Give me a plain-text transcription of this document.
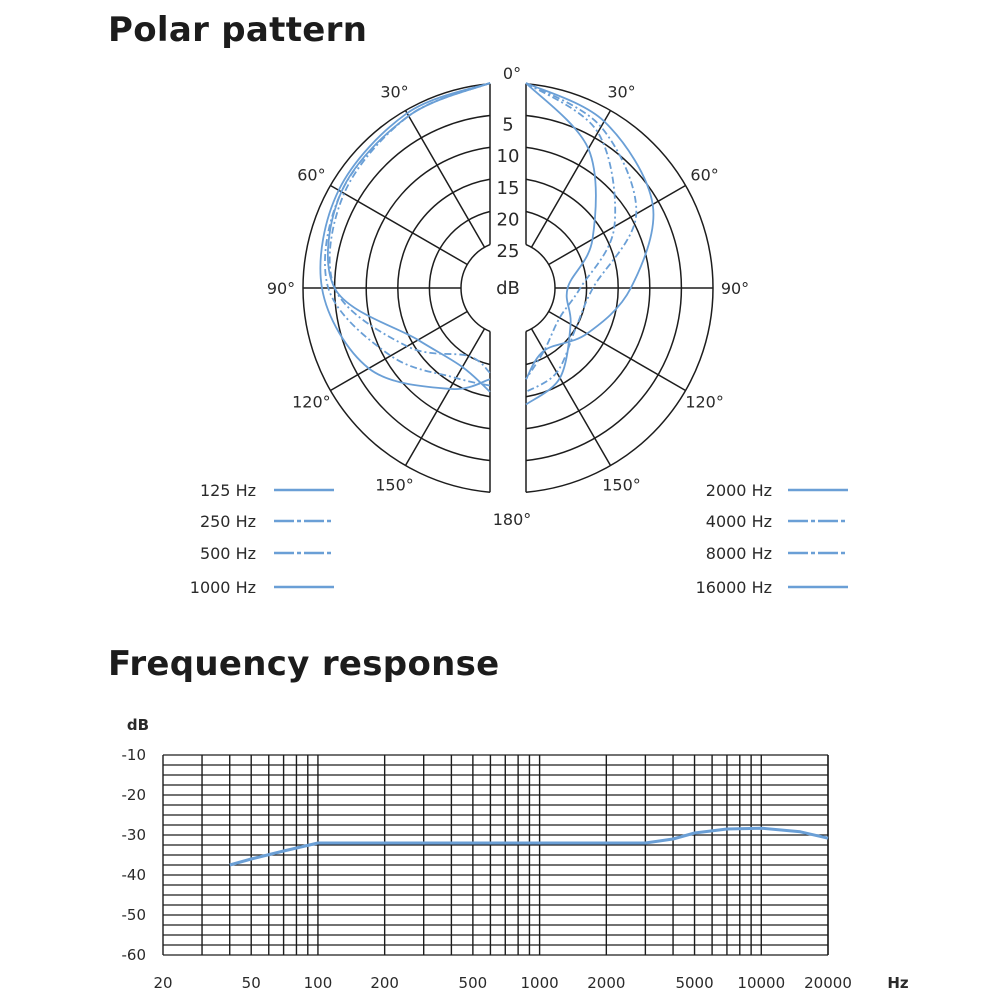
Polar pattern
Frequency response
0°
30°
60°
90°
120°
150°
180°
30°
60°
90°
120°
150°
5
10
15
20
25
dB
125 Hz
250 Hz
500 Hz
1000 Hz
2000 Hz
4000 Hz
8000 Hz
16000 Hz
-10
-20
-30
-40
-50
-60
dB
20	50	100	200	500 1000 2000	5000 10000 20000 Hz
